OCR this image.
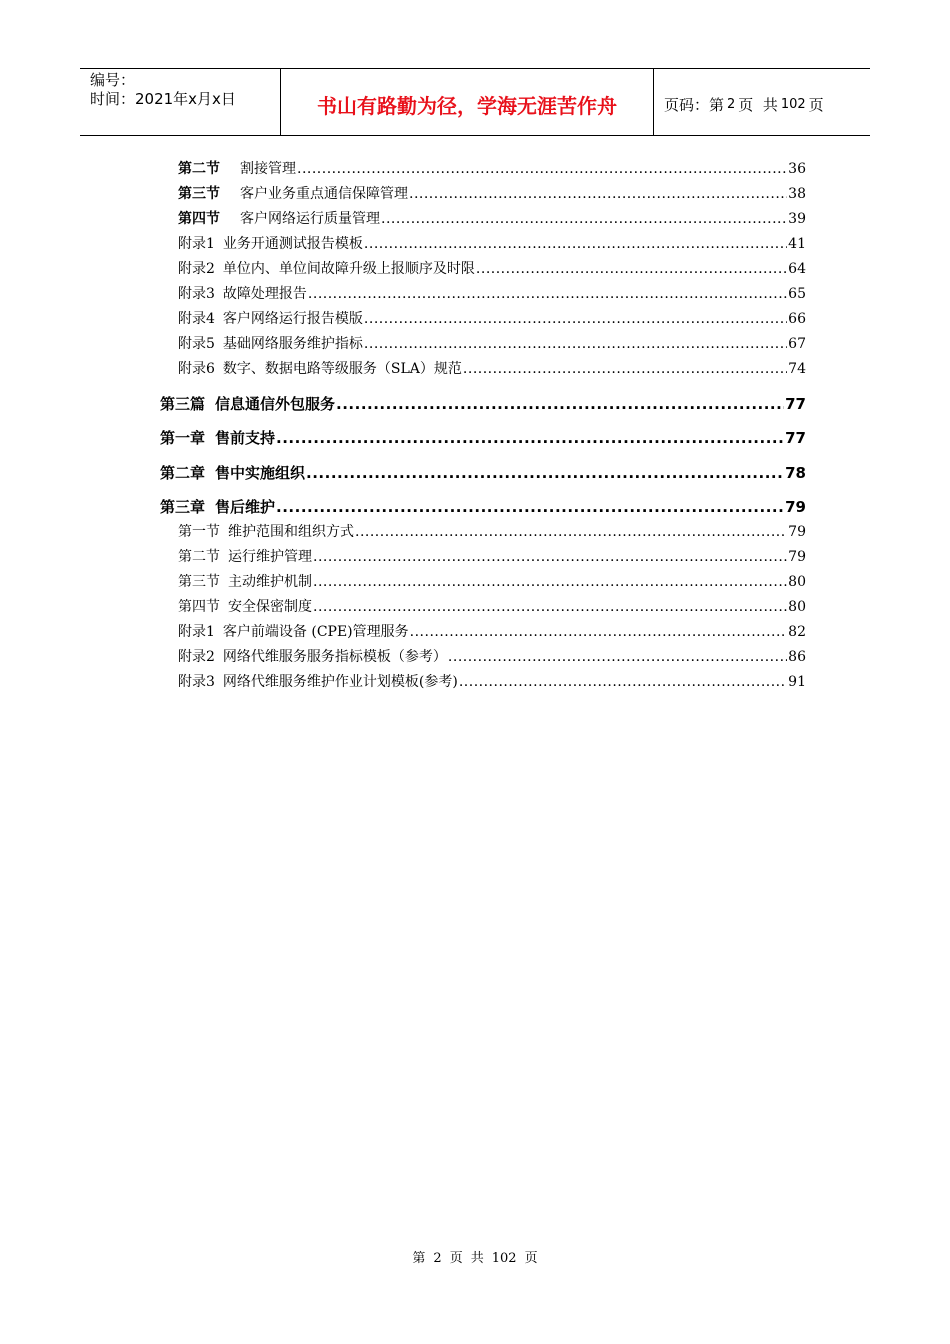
编号：
时间：2021年x月x日	书山有路勤为径，学海无涯苦作舟	页码：第 2 页  共 102 页
第二节 割接管理 .....	36
第三节 客户业务重点通信保障管理 .....	38
第四节 客户网络运行质量管理 .....	39
附录1 业务开通测试报告模板 .....	41
附录2 单位内、单位间故障升级上报顺序及时限 .....	64
附录3 故障处理报告 .....	65
附录4 客户网络运行报告模版 .....	66
附录5 基础网络服务维护指标 .....	67
附录6 数字、数据电路等级服务（SLA）规范 .....	74
第三篇 信息通信外包服务 .....	77
第一章 售前支持 .....	77
第二章 售中实施组织 .....	78
第三章 售后维护 .....	79
第一节 维护范围和组织方式 .....	79
第二节 运行维护管理 .....	79
第三节 主动维护机制 .....	80
第四节 安全保密制度 .....	80
附录1 客户前端设备 (CPE)管理服务 .....	82
附录2 网络代维服务服务指标模板（参考） .....	86
附录3 网络代维服务维护作业计划模板(参考) .....	91
第 2 页 共 102 页
